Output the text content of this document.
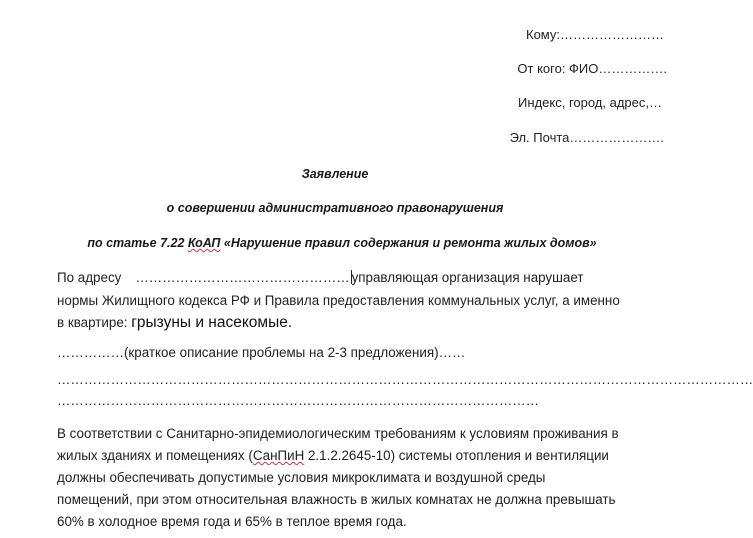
Кому:……………………
От кого: ФИО…………….
Индекс, город, адрес,…
Эл. Почта………………….
Заявление
о совершении административного правонарушения
по статье 7.22 КоАП «Нарушение правил содержания и ремонта жилых домов»
По адресу ………………………………………… управляющая организация нарушает
нормы Жилищного кодекса РФ и Правила предоставления коммунальных услуг, а именно
в квартире: грызуны и насекомые.
……………(краткое описание проблемы на 2-3 предложения)……
…………………………………………………………………………………………………………………………………………
………………………………………………………………………………………………
В соответствии с Санитарно-эпидемиологическим требованиям к условиям проживания в
жилых зданиях и помещениях (СанПиН 2.1.2.2645-10) системы отопления и вентиляции
должны обеспечивать допустимые условия микроклимата и воздушной среды
помещений, при этом относительная влажность в жилых комнатах не должна превышать
60% в холодное время года и 65% в теплое время года.
